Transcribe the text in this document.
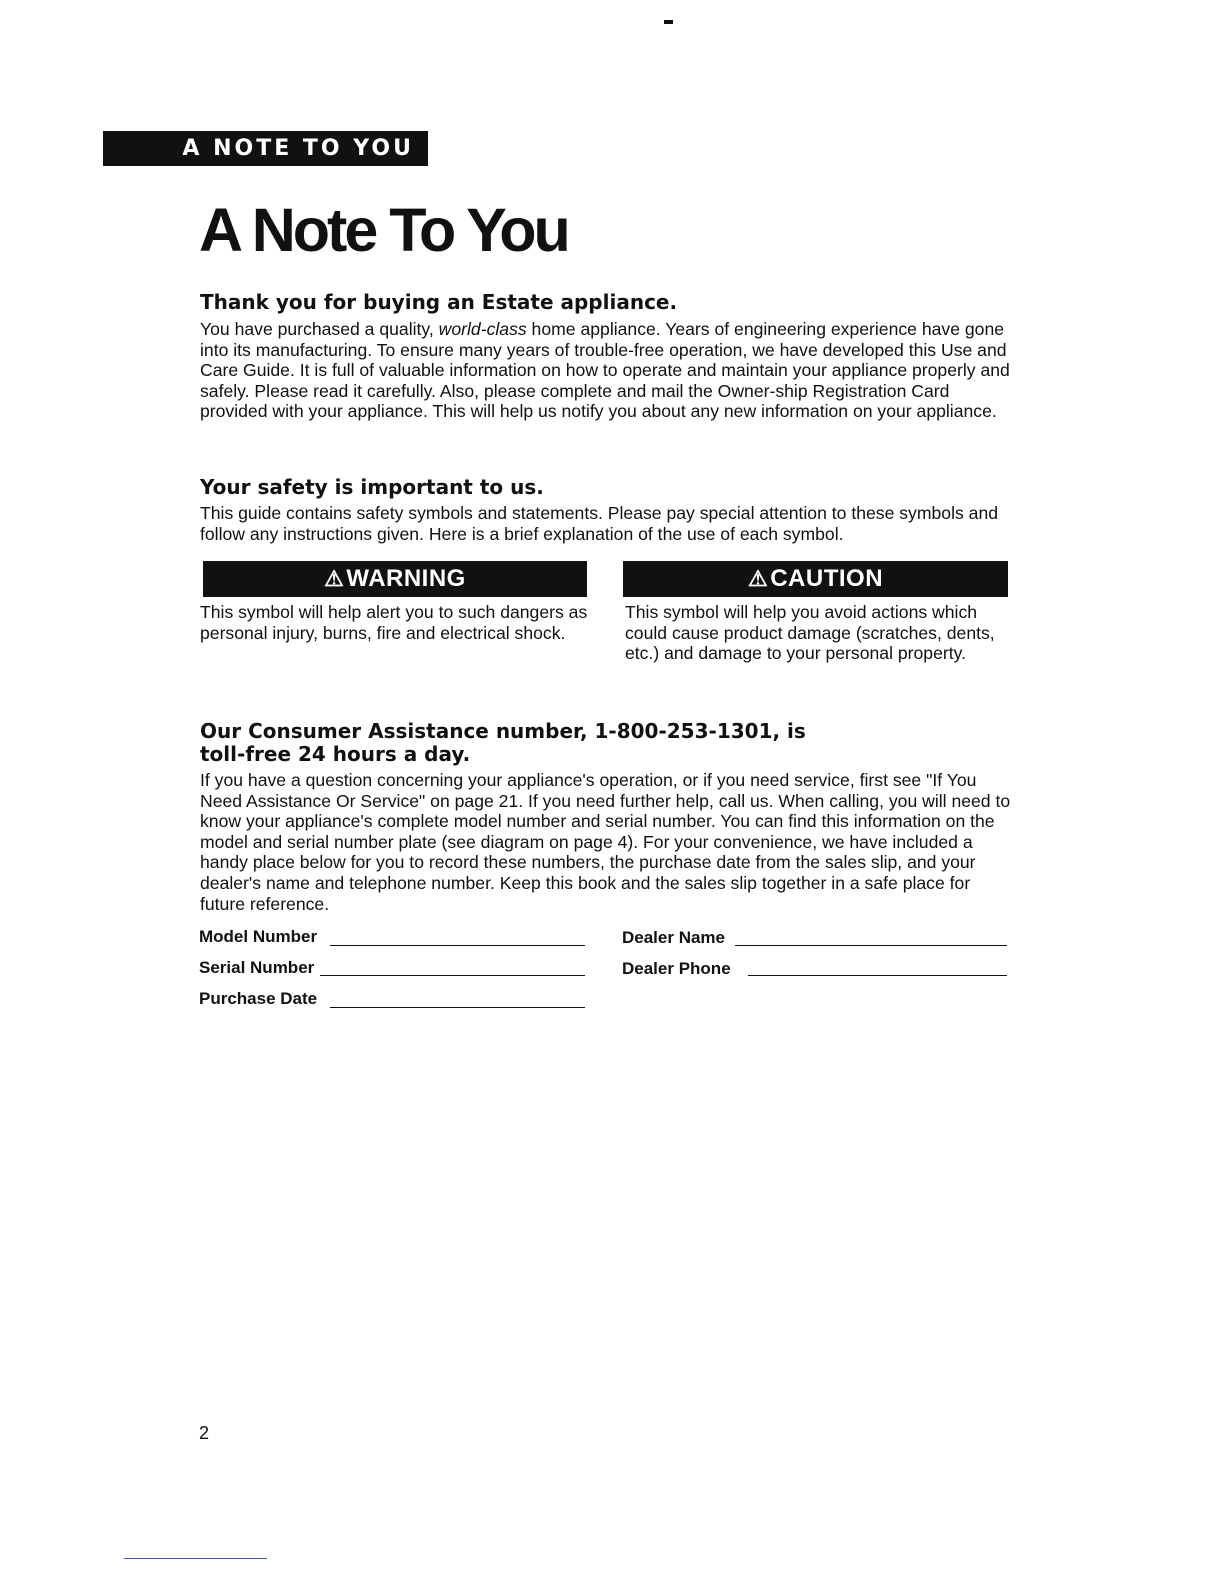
A NOTE TO YOU
A Note To You
Thank you for buying an Estate appliance.

You have purchased a quality, world-class home appliance. Years of engineering experience have gone into its manufacturing. To ensure many years of trouble-free operation, we have developed this Use and Care Guide. It is full of valuable information on how to operate and maintain your appliance properly and safely. Please read it carefully. Also, please complete and mail the Owner-ship Registration Card provided with your appliance. This will help us notify you about any new information on your appliance.

Your safety is important to us.

This guide contains safety symbols and statements. Please pay special attention to these symbols and follow any instructions given. Here is a brief explanation of the use of each symbol.

⚠WARNING	⚠CAUTION

This symbol will help alert you to such dangers as personal injury, burns, fire and electrical shock.

This symbol will help you avoid actions which could cause product damage (scratches, dents, etc.) and damage to your personal property.

Our Consumer Assistance number, 1-800-253-1301, is
toll-free 24 hours a day.

If you have a question concerning your appliance's operation, or if you need service, first see "If You Need Assistance Or Service" on page 21. If you need further help, call us. When calling, you will need to know your appliance's complete model number and serial number. You can find this information on the model and serial number plate (see diagram on page 4). For your convenience, we have included a handy place below for you to record these numbers, the purchase date from the sales slip, and your dealer's name and telephone number. Keep this book and the sales slip together in a safe place for future reference.

Model Number
Serial Number
Purchase Date
Dealer Name
Dealer Phone
2
